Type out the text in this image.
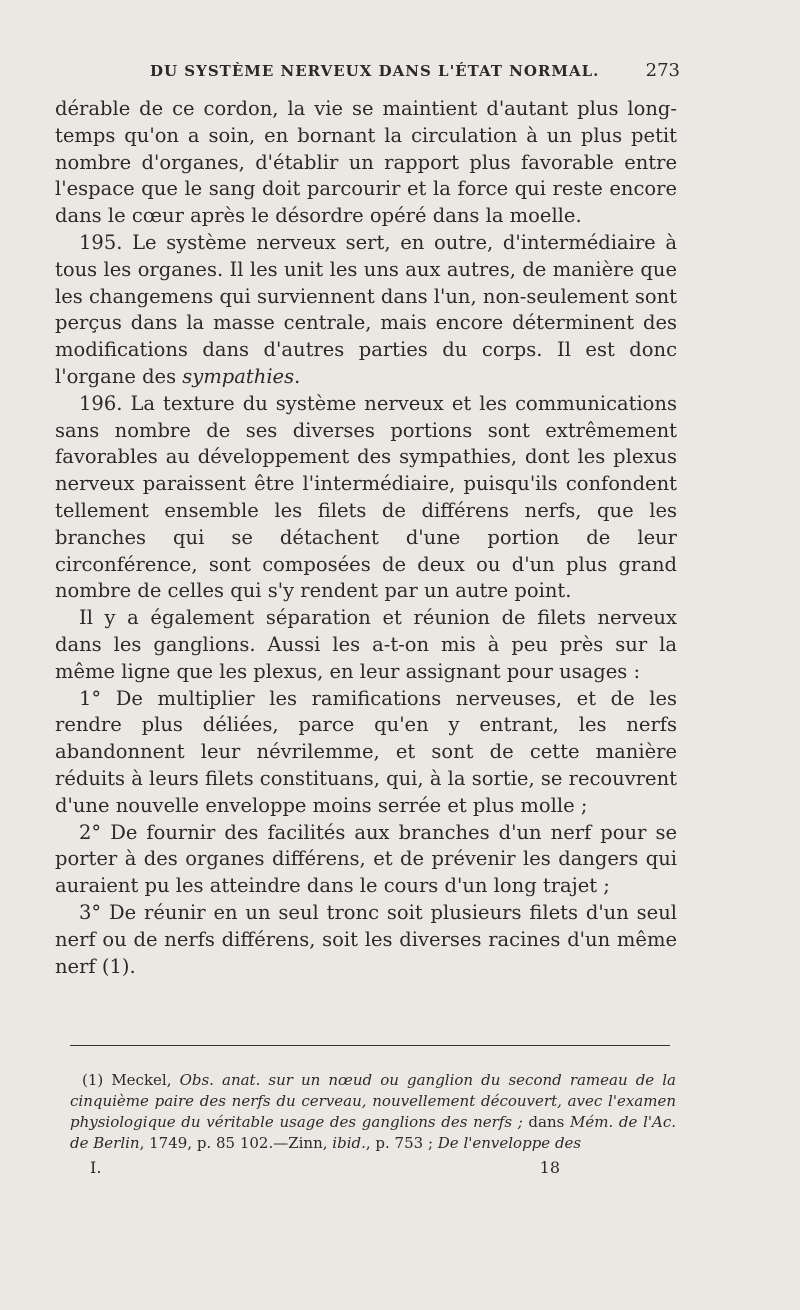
DU SYSTÈME NERVEUX DANS L'ÉTAT NORMAL.	273

dérable de ce cordon, la vie se maintient d'autant plus long-temps qu'on a soin, en bornant la circulation à un plus petit nombre d'organes, d'établir un rapport plus favorable entre l'espace que le sang doit parcourir et la force qui reste encore dans le cœur après le désordre opéré dans la moelle.

195. Le système nerveux sert, en outre, d'intermédiaire à tous les organes. Il les unit les uns aux autres, de manière que les changemens qui surviennent dans l'un, non-seulement sont perçus dans la masse centrale, mais encore déterminent des modifications dans d'autres parties du corps. Il est donc l'organe des sympathies.

196. La texture du système nerveux et les communications sans nombre de ses diverses portions sont extrêmement favorables au développement des sympathies, dont les plexus nerveux paraissent être l'intermédiaire, puisqu'ils confondent tellement ensemble les filets de différens nerfs, que les branches qui se détachent d'une portion de leur circonférence, sont composées de deux ou d'un plus grand nombre de celles qui s'y rendent par un autre point.

Il y a également séparation et réunion de filets nerveux dans les ganglions. Aussi les a-t-on mis à peu près sur la même ligne que les plexus, en leur assignant pour usages :

1° De multiplier les ramifications nerveuses, et de les rendre plus déliées, parce qu'en y entrant, les nerfs abandonnent leur névrilemme, et sont de cette manière réduits à leurs filets constituans, qui, à la sortie, se recouvrent d'une nouvelle enveloppe moins serrée et plus molle ;

2° De fournir des facilités aux branches d'un nerf pour se porter à des organes différens, et de prévenir les dangers qui auraient pu les atteindre dans le cours d'un long trajet ;

3° De réunir en un seul tronc soit plusieurs filets d'un seul nerf ou de nerfs différens, soit les diverses racines d'un même nerf (1).

(1) Meckel, Obs. anat. sur un nœud ou ganglion du second rameau de la cinquième paire des nerfs du cerveau, nouvellement découvert, avec l'examen physiologique du véritable usage des ganglions des nerfs ; dans Mém. de l'Ac. de Berlin, 1749, p. 85 102.—Zinn, ibid., p. 753 ; De l'enveloppe des

I.	18
